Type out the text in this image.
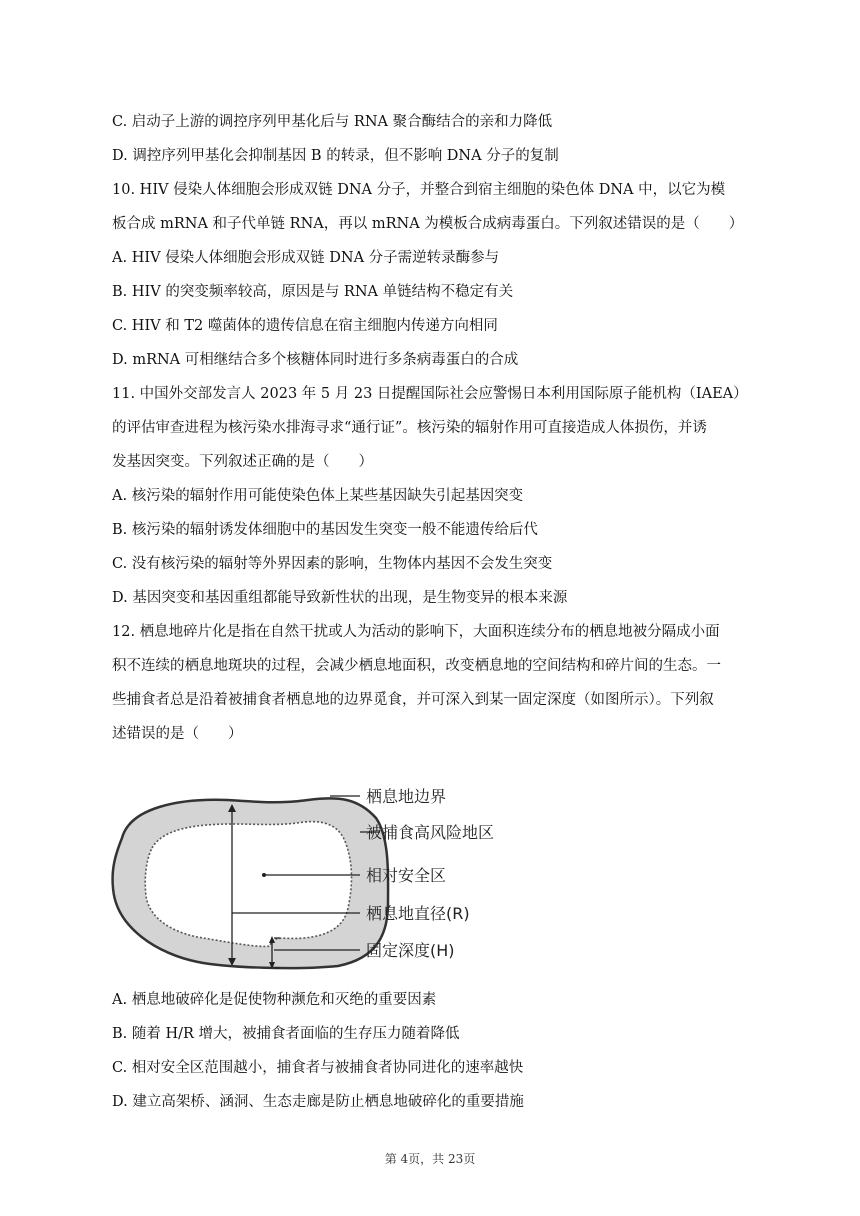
C. 启动子上游的调控序列甲基化后与 RNA 聚合酶结合的亲和力降低
D. 调控序列甲基化会抑制基因 B 的转录，但不影响 DNA 分子的复制
10. HIV 侵染人体细胞会形成双链 DNA 分子，并整合到宿主细胞的染色体 DNA 中，以它为模
板合成 mRNA 和子代单链 RNA，再以 mRNA 为模板合成病毒蛋白。下列叙述错误的是（　　）
A. HIV 侵染人体细胞会形成双链 DNA 分子需逆转录酶参与
B. HIV 的突变频率较高，原因是与 RNA 单链结构不稳定有关
C. HIV 和 T2 噬菌体的遗传信息在宿主细胞内传递方向相同
D. mRNA 可相继结合多个核糖体同时进行多条病毒蛋白的合成
11. 中国外交部发言人 2023 年 5 月 23 日提醒国际社会应警惕日本利用国际原子能机构（IAEA）
的评估审查进程为核污染水排海寻求“通行证”。核污染的辐射作用可直接造成人体损伤，并诱
发基因突变。下列叙述正确的是（　　）
A. 核污染的辐射作用可能使染色体上某些基因缺失引起基因突变
B. 核污染的辐射诱发体细胞中的基因发生突变一般不能遗传给后代
C. 没有核污染的辐射等外界因素的影响，生物体内基因不会发生突变
D. 基因突变和基因重组都能导致新性状的出现，是生物变异的根本来源
12. 栖息地碎片化是指在自然干扰或人为活动的影响下，大面积连续分布的栖息地被分隔成小面
积不连续的栖息地斑块的过程，会减少栖息地面积，改变栖息地的空间结构和碎片间的生态。一
些捕食者总是沿着被捕食者栖息地的边界觅食，并可深入到某一固定深度（如图所示）。下列叙
述错误的是（　　）
栖息地边界
被捕食高风险地区
相对安全区
栖息地直径(R)
固定深度(H)
A. 栖息地破碎化是促使物种濒危和灭绝的重要因素
B. 随着 H/R 增大，被捕食者面临的生存压力随着降低
C. 相对安全区范围越小，捕食者与被捕食者协同进化的速率越快
D. 建立高架桥、涵洞、生态走廊是防止栖息地破碎化的重要措施
第 4页，共 23页
